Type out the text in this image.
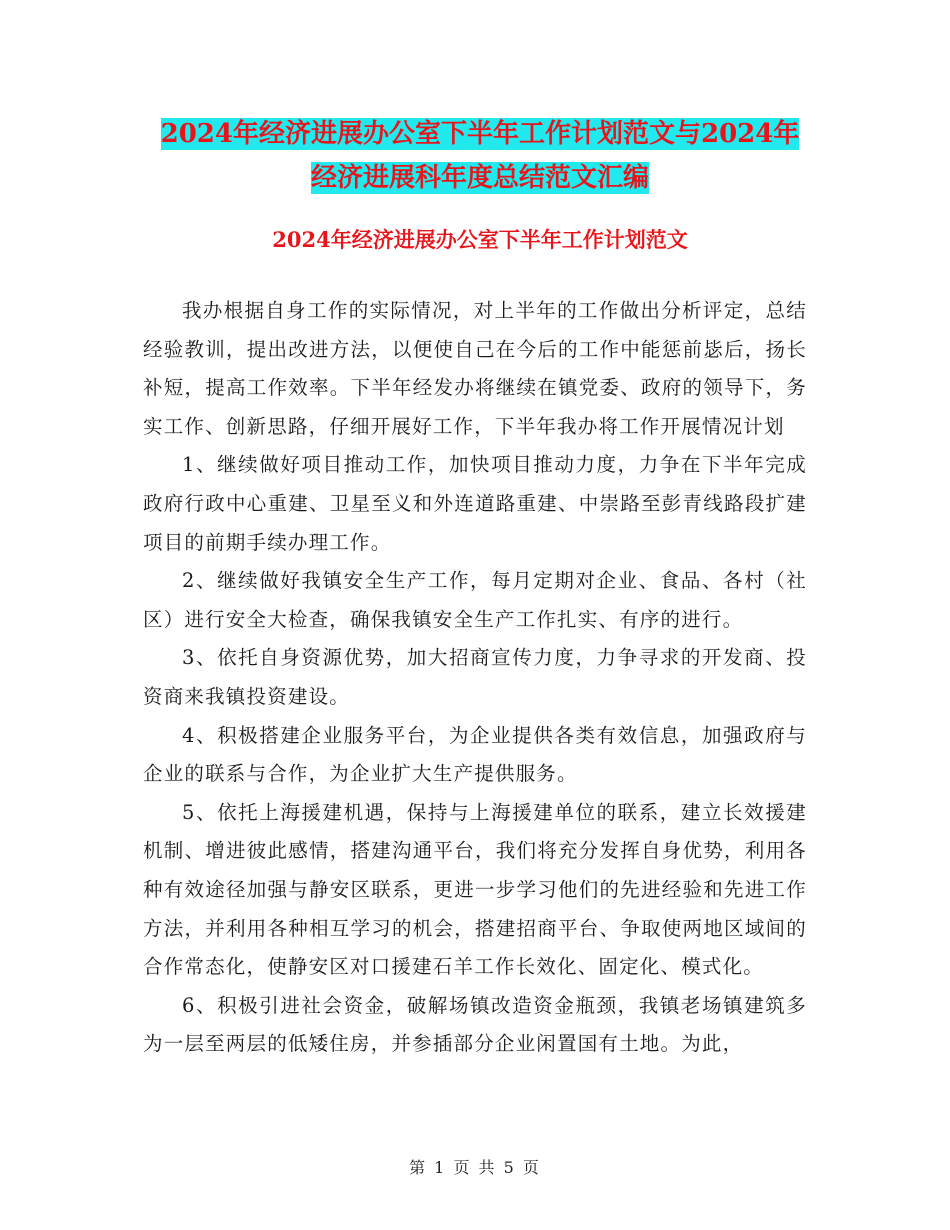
2024年经济进展办公室下半年工作计划范文与2024年
经济进展科年度总结范文汇编
2024年经济进展办公室下半年工作计划范文

我办根据自身工作的实际情况，对上半年的工作做出分析评定，总结经验教训，提出改进方法，以便使自己在今后的工作中能惩前毖后，扬长补短，提高工作效率。下半年经发办将继续在镇党委、政府的领导下，务实工作、创新思路，仔细开展好工作，下半年我办将工作开展情况计划

1、继续做好项目推动工作，加快项目推动力度，力争在下半年完成政府行政中心重建、卫星至义和外连道路重建、中崇路至彭青线路段扩建项目的前期手续办理工作。

2、继续做好我镇安全生产工作，每月定期对企业、食品、各村（社区）进行安全大检查，确保我镇安全生产工作扎实、有序的进行。

3、依托自身资源优势，加大招商宣传力度，力争寻求的开发商、投资商来我镇投资建设。

4、积极搭建企业服务平台，为企业提供各类有效信息，加强政府与企业的联系与合作，为企业扩大生产提供服务。

5、依托上海援建机遇，保持与上海援建单位的联系，建立长效援建机制、增进彼此感情，搭建沟通平台，我们将充分发挥自身优势，利用各种有效途径加强与静安区联系，更进一步学习他们的先进经验和先进工作方法，并利用各种相互学习的机会，搭建招商平台、争取使两地区域间的合作常态化，使静安区对口援建石羊工作长效化、固定化、模式化。

6、积极引进社会资金，破解场镇改造资金瓶颈，我镇老场镇建筑多为一层至两层的低矮住房，并参插部分企业闲置国有土地。为此，

第 1 页 共 5 页
